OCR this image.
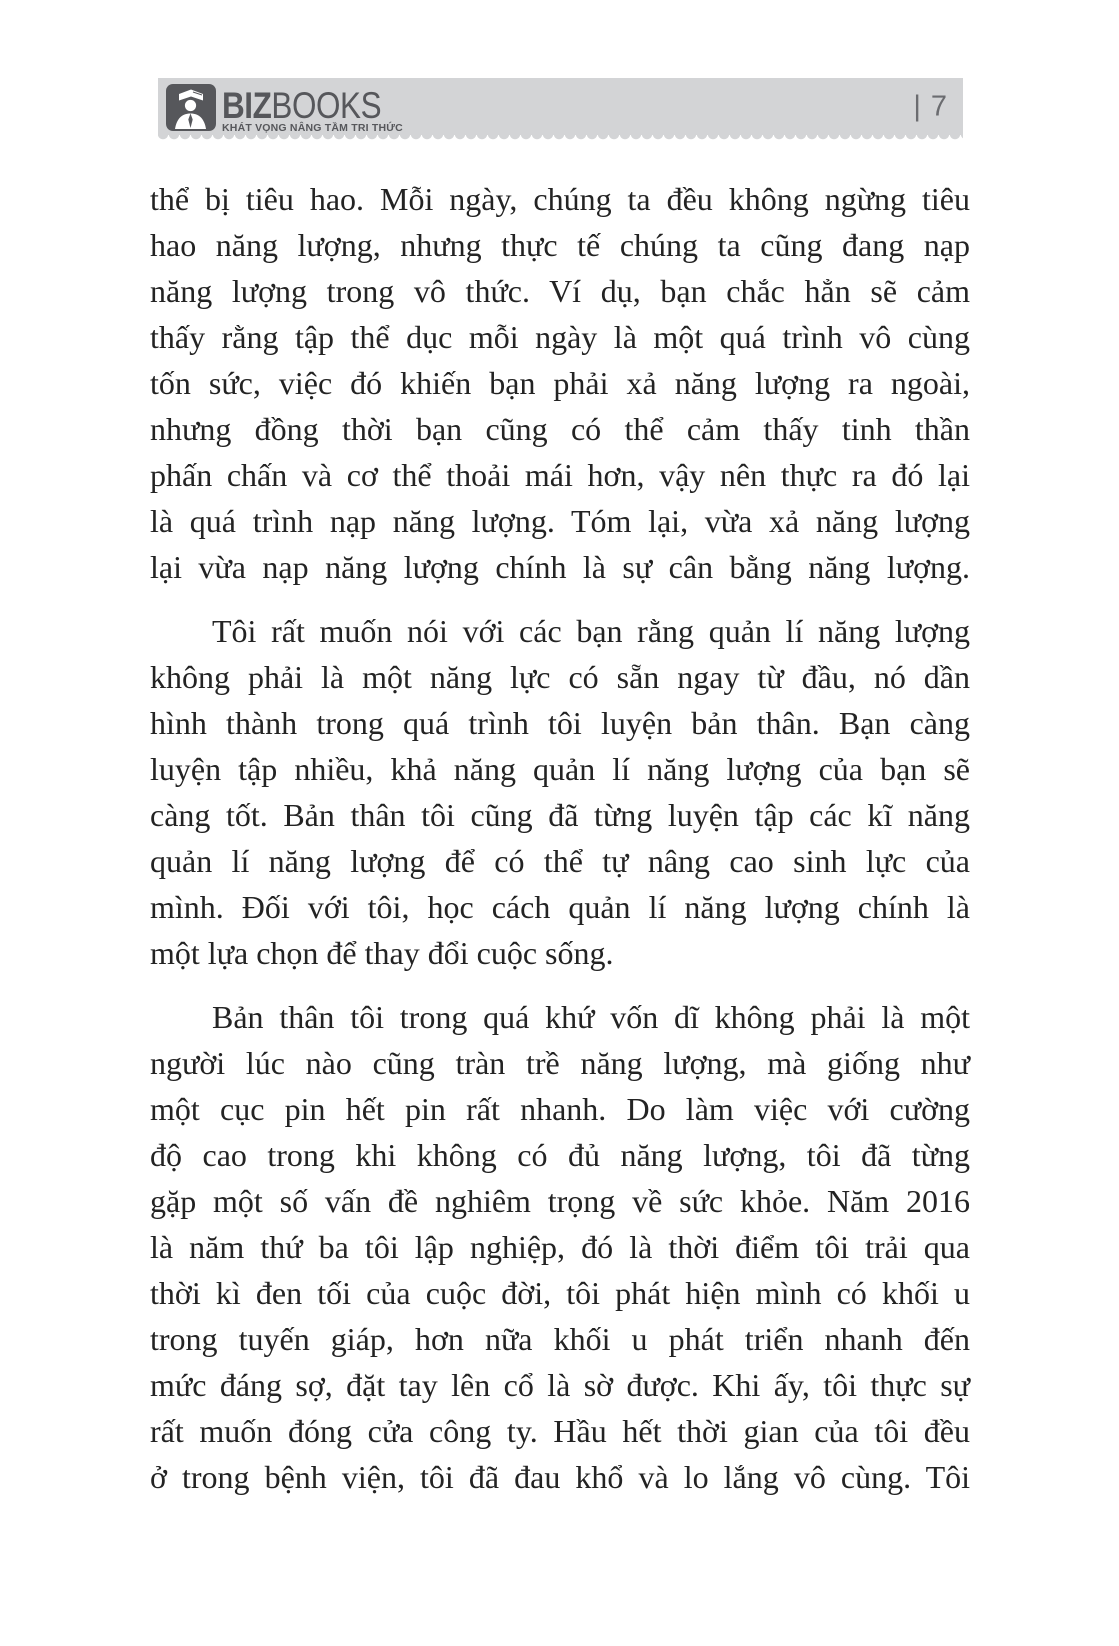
BIZBOOKS
KHÁT VỌNG NÂNG TẦM TRI THỨC
| 7
thể bị tiêu hao. Mỗi ngày, chúng ta đều không ngừng tiêu
hao năng lượng, nhưng thực tế chúng ta cũng đang nạp
năng lượng trong vô thức. Ví dụ, bạn chắc hẳn sẽ cảm
thấy rằng tập thể dục mỗi ngày là một quá trình vô cùng
tốn sức, việc đó khiến bạn phải xả năng lượng ra ngoài,
nhưng đồng thời bạn cũng có thể cảm thấy tinh thần
phấn chấn và cơ thể thoải mái hơn, vậy nên thực ra đó lại
là quá trình nạp năng lượng. Tóm lại, vừa xả năng lượng
lại vừa nạp năng lượng chính là sự cân bằng năng lượng.
Tôi rất muốn nói với các bạn rằng quản lí năng lượng
không phải là một năng lực có sẵn ngay từ đầu, nó dần
hình thành trong quá trình tôi luyện bản thân. Bạn càng
luyện tập nhiều, khả năng quản lí năng lượng của bạn sẽ
càng tốt. Bản thân tôi cũng đã từng luyện tập các kĩ năng
quản lí năng lượng để có thể tự nâng cao sinh lực của
mình. Đối với tôi, học cách quản lí năng lượng chính là
một lựa chọn để thay đổi cuộc sống.
Bản thân tôi trong quá khứ vốn dĩ không phải là một
người lúc nào cũng tràn trề năng lượng, mà giống như
một cục pin hết pin rất nhanh. Do làm việc với cường
độ cao trong khi không có đủ năng lượng, tôi đã từng
gặp một số vấn đề nghiêm trọng về sức khỏe. Năm 2016
là năm thứ ba tôi lập nghiệp, đó là thời điểm tôi trải qua
thời kì đen tối của cuộc đời, tôi phát hiện mình có khối u
trong tuyến giáp, hơn nữa khối u phát triển nhanh đến
mức đáng sợ, đặt tay lên cổ là sờ được. Khi ấy, tôi thực sự
rất muốn đóng cửa công ty. Hầu hết thời gian của tôi đều
ở trong bệnh viện, tôi đã đau khổ và lo lắng vô cùng. Tôi
